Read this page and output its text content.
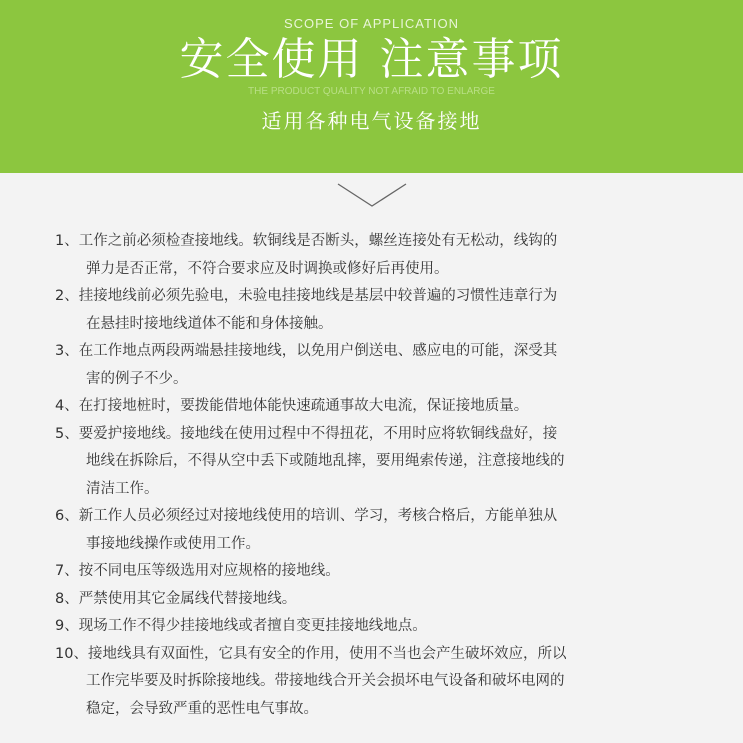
SCOPE OF APPLICATION
安全使用 注意事项
THE PRODUCT QUALITY NOT AFRAID TO ENLARGE
适用各种电气设备接地
1、工作之前必须检查接地线。软铜线是否断头，螺丝连接处有无松动，线钩的
弹力是否正常，不符合要求应及时调换或修好后再使用。
2、挂接地线前必须先验电，未验电挂接地线是基层中较普遍的习惯性违章行为
在悬挂时接地线道体不能和身体接触。
3、在工作地点两段两端悬挂接地线，以免用户倒送电、感应电的可能，深受其
害的例子不少。
4、在打接地桩时，要拨能借地体能快速疏通事故大电流，保证接地质量。
5、要爱护接地线。接地线在使用过程中不得扭花，不用时应将软铜线盘好，接
地线在拆除后，不得从空中丢下或随地乱摔，要用绳索传递，注意接地线的
清洁工作。
6、新工作人员必须经过对接地线使用的培训、学习，考核合格后，方能单独从
事接地线操作或使用工作。
7、按不同电压等级选用对应规格的接地线。
8、严禁使用其它金属线代替接地线。
9、现场工作不得少挂接地线或者擅自变更挂接地线地点。
10、接地线具有双面性，它具有安全的作用，使用不当也会产生破坏效应，所以
工作完毕要及时拆除接地线。带接地线合开关会损坏电气设备和破坏电网的
稳定，会导致严重的恶性电气事故。
